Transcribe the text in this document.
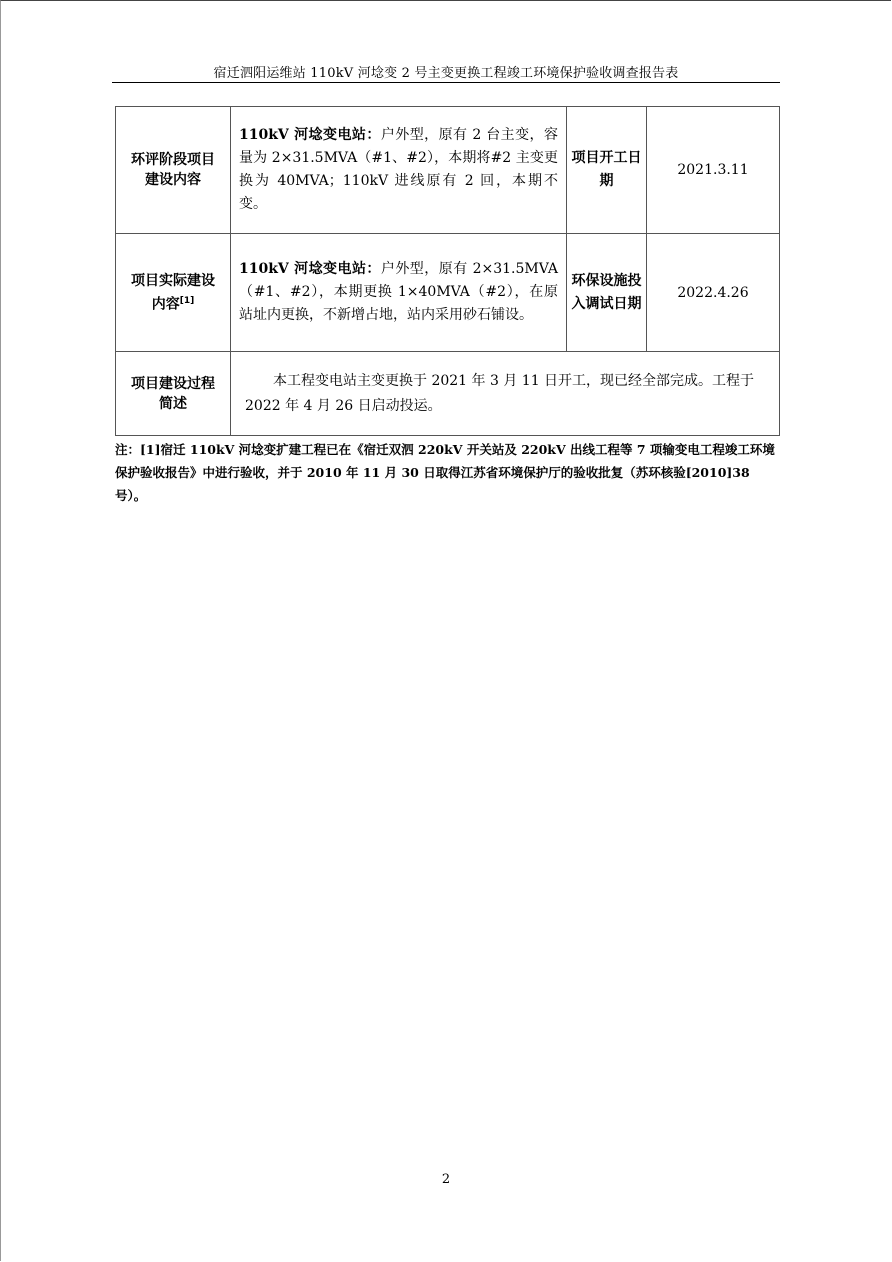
宿迁泗阳运维站 110kV 河埝变 2 号主变更换工程竣工环境保护验收调查报告表
环评阶段项目建设内容	110kV 河埝变电站：户外型，原有 2 台主变，容量为 2×31.5MVA（#1、#2），本期将#2 主变更换为 40MVA；110kV 进线原有 2 回，本期不变。	项目开工日期	2021.3.11
项目实际建设内容[1]	110kV 河埝变电站：户外型，原有 2×31.5MVA（#1、#2），本期更换 1×40MVA（#2），在原站址内更换，不新增占地，站内采用砂石铺设。	环保设施投入调试日期	2022.4.26
项目建设过程简述	本工程变电站主变更换于 2021 年 3 月 11 日开工，现已经全部完成。工程于 2022 年 4 月 26 日启动投运。		
注：[1]宿迁 110kV 河埝变扩建工程已在《宿迁双泗 220kV 开关站及 220kV 出线工程等 7 项输变电工程竣工环境保护验收报告》中进行验收，并于 2010 年 11 月 30 日取得江苏省环境保护厅的验收批复（苏环核验[2010]38 号）。
2
